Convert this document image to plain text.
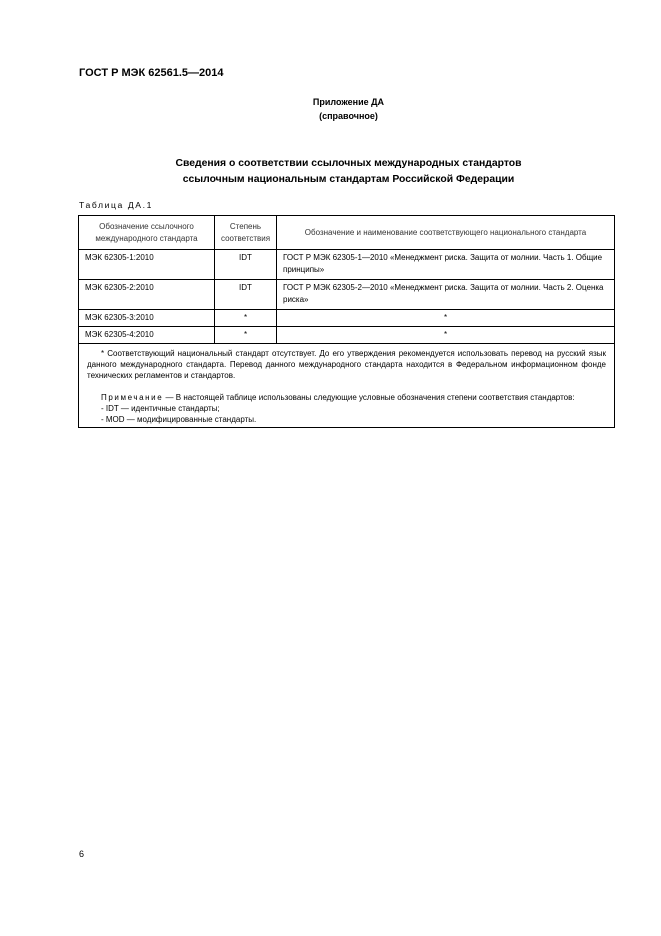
ГОСТ Р МЭК 62561.5—2014
Приложение ДА
(справочное)
Сведения о соответствии ссылочных международных стандартов
ссылочным национальным стандартам Российской Федерации
Таблица ДА.1
Обозначение ссылочного международного стандарта	Степень соответствия	Обозначение и наименование соответствующего национального стандарта
МЭК 62305-1:2010	IDT	ГОСТ Р МЭК 62305-1—2010 «Менеджмент риска. Защита от молнии. Часть 1. Общие принципы»
МЭК 62305-2:2010	IDT	ГОСТ Р МЭК 62305-2—2010 «Менеджмент риска. Защита от молнии. Часть 2. Оценка риска»
МЭК 62305-3:2010	*	*
МЭК 62305-4:2010	*	*

* Соответствующий национальный стандарт отсутствует. До его утверждения рекомендуется использовать перевод на русский язык данного международного стандарта. Перевод данного международного стандарта находится в Федеральном информационном фонде технических регламентов и стандартов.

Примечание — В настоящей таблице использованы следующие условные обозначения степени соответствия стандартов:

- IDT — идентичные стандарты;

- MOD — модифицированные стандарты.		

6
